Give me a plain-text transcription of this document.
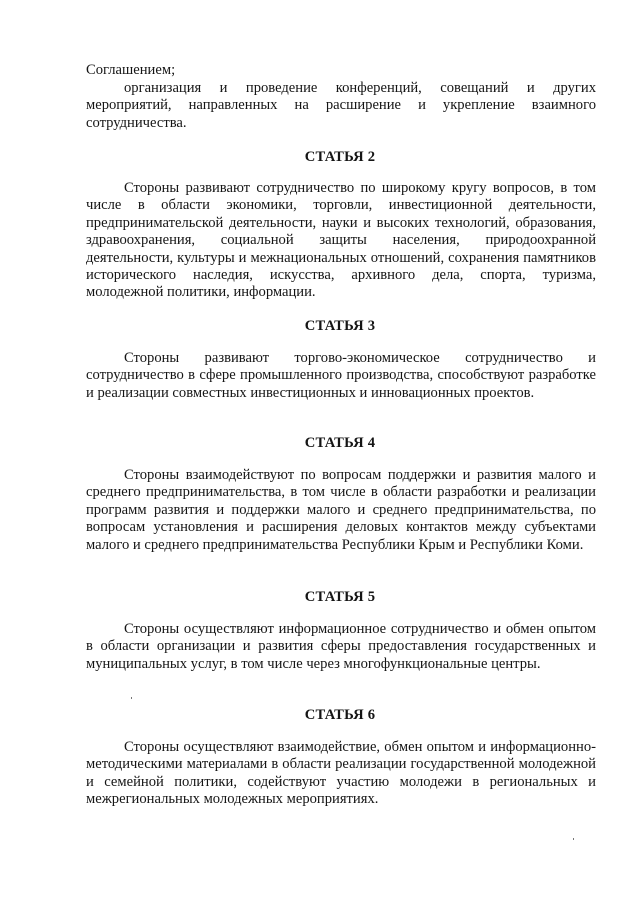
Соглашением;

организация и проведение конференций, совещаний и других мероприятий, направленных на расширение и укрепление взаимного сотрудничества.

СТАТЬЯ 2

Стороны развивают сотрудничество по широкому кругу вопросов, в том числе в области экономики, торговли, инвестиционной деятельности, предпринимательской деятельности, науки и высоких технологий, образования, здравоохранения, социальной защиты населения, природоохранной деятельности, культуры и межнациональных отношений, сохранения памятников исторического наследия, искусства, архивного дела, спорта, туризма, молодежной политики, информации.

СТАТЬЯ 3

Стороны развивают торгово-экономическое сотрудничество и сотрудничество в сфере промышленного производства, способствуют разработке и реализации совместных инвестиционных и инновационных проектов.

СТАТЬЯ 4

Стороны взаимодействуют по вопросам поддержки и развития малого и среднего предпринимательства, в том числе в области разработки и реализации программ развития и поддержки малого и среднего предпринимательства, по вопросам установления и расширения деловых контактов между субъектами малого и среднего предпринимательства Республики Крым и Республики Коми.

СТАТЬЯ 5

Стороны осуществляют информационное сотрудничество и обмен опытом в области организации и развития сферы предоставления государственных и муниципальных услуг, в том числе через многофункциональные центры.

СТАТЬЯ 6

Стороны осуществляют взаимодействие, обмен опытом и информационно-методическими материалами в области реализации государственной молодежной и семейной политики, содействуют участию молодежи в региональных и межрегиональных молодежных мероприятиях.
